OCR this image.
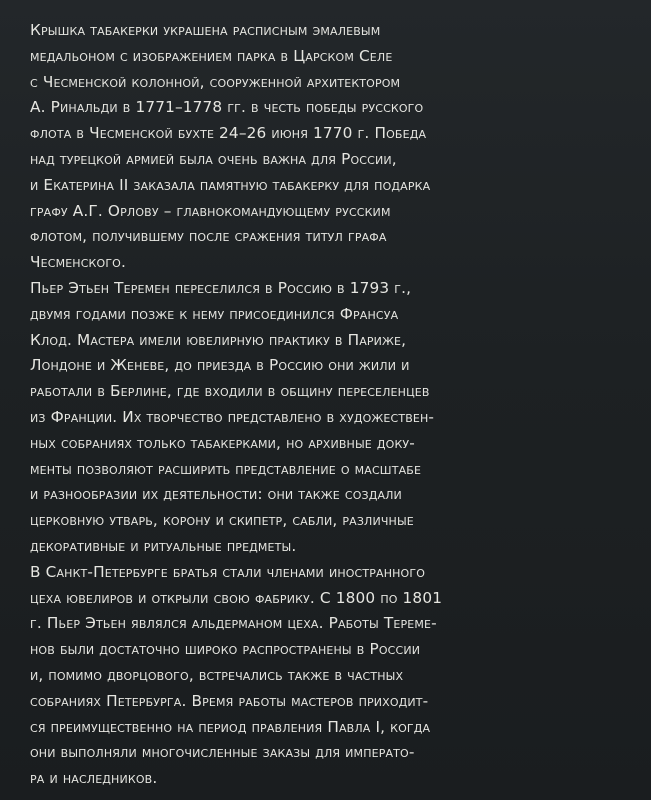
Крышка табакерки украшена расписным эмалевым
медальоном с изображением парка в Царском Селе
с Чесменской колонной, сооруженной архитектором
А. Ринальди в 1771–1778 гг. в честь победы русского
флота в Чесменской бухте 24–26 июня 1770 г. Победа
над турецкой армией была очень важна для России,
и Екатерина II заказала памятную табакерку для подарка
графу А.Г. Орлову – главнокомандующему русским
флотом, получившему после сражения титул графа
Чесменского.
Пьер Этьен Теремен переселился в Россию в 1793 г.,
двумя годами позже к нему присоединился Франсуа
Клод. Мастера имели ювелирную практику в Париже,
Лондоне и Женеве, до приезда в Россию они жили и
работали в Берлине, где входили в общину переселенцев
из Франции. Их творчество представлено в художествен-
ных собраниях только табакерками, но архивные доку-
менты позволяют расширить представление о масштабе
и разнообразии их деятельности: они также создали
церковную утварь, корону и скипетр, сабли, различные
декоративные и ритуальные предметы.
В Санкт-Петербурге братья стали членами иностранного
цеха ювелиров и открыли свою фабрику. С 1800 по 1801
г. Пьер Этьен являлся альдерманом цеха. Работы Тереме-
нов были достаточно широко распространены в России
и, помимо дворцового, встречались также в частных
собраниях Петербурга. Время работы мастеров приходит-
ся преимущественно на период правления Павла I, когда
они выполняли многочисленные заказы для императо-
ра и наследников.
